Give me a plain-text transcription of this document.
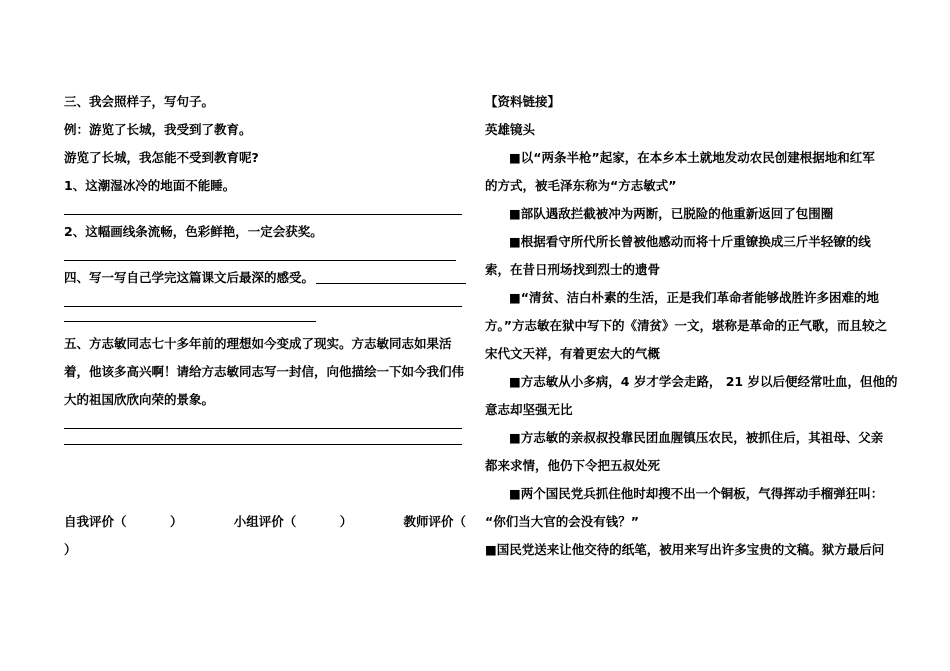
三、我会照样子，写句子。
例：游览了长城，我受到了教育。
游览了长城，我怎能不受到教育呢?
1、这潮湿冰冷的地面不能睡。
2、这幅画线条流畅，色彩鲜艳，一定会获奖。
四、写一写自己学完这篇课文后最深的感受。
五、方志敏同志七十多年前的理想如今变成了现实。方志敏同志如果活
着，他该多高兴啊！请给方志敏同志写一封信，向他描绘一下如今我们伟
大的祖国欣欣向荣的景象。
自我评价（          ）	小组评价（          ）	教师评价（
）
【资料链接】
英雄镜头
■以“两条半枪”起家，在本乡本土就地发动农民创建根据地和红军
的方式，被毛泽东称为“方志敏式”
■部队遇敌拦截被冲为两断，已脱险的他重新返回了包围圈
■根据看守所代所长曾被他感动而将十斤重镣换成三斤半轻镣的线
索，在昔日刑场找到烈士的遗骨
■“清贫、洁白朴素的生活，正是我们革命者能够战胜许多困难的地
方。”方志敏在狱中写下的《清贫》一文，堪称是革命的正气歌，而且较之
宋代文天祥，有着更宏大的气概
■方志敏从小多病，4 岁才学会走路， 21 岁以后便经常吐血，但他的
意志却坚强无比
■方志敏的亲叔叔投靠民团血腥镇压农民，被抓住后，其祖母、父亲
都来求情，他仍下令把五叔处死
■两个国民党兵抓住他时却搜不出一个铜板，气得挥动手榴弹狂叫：
“你们当大官的会没有钱？”
■国民党送来让他交待的纸笔，被用来写出许多宝贵的文稿。狱方最后问
